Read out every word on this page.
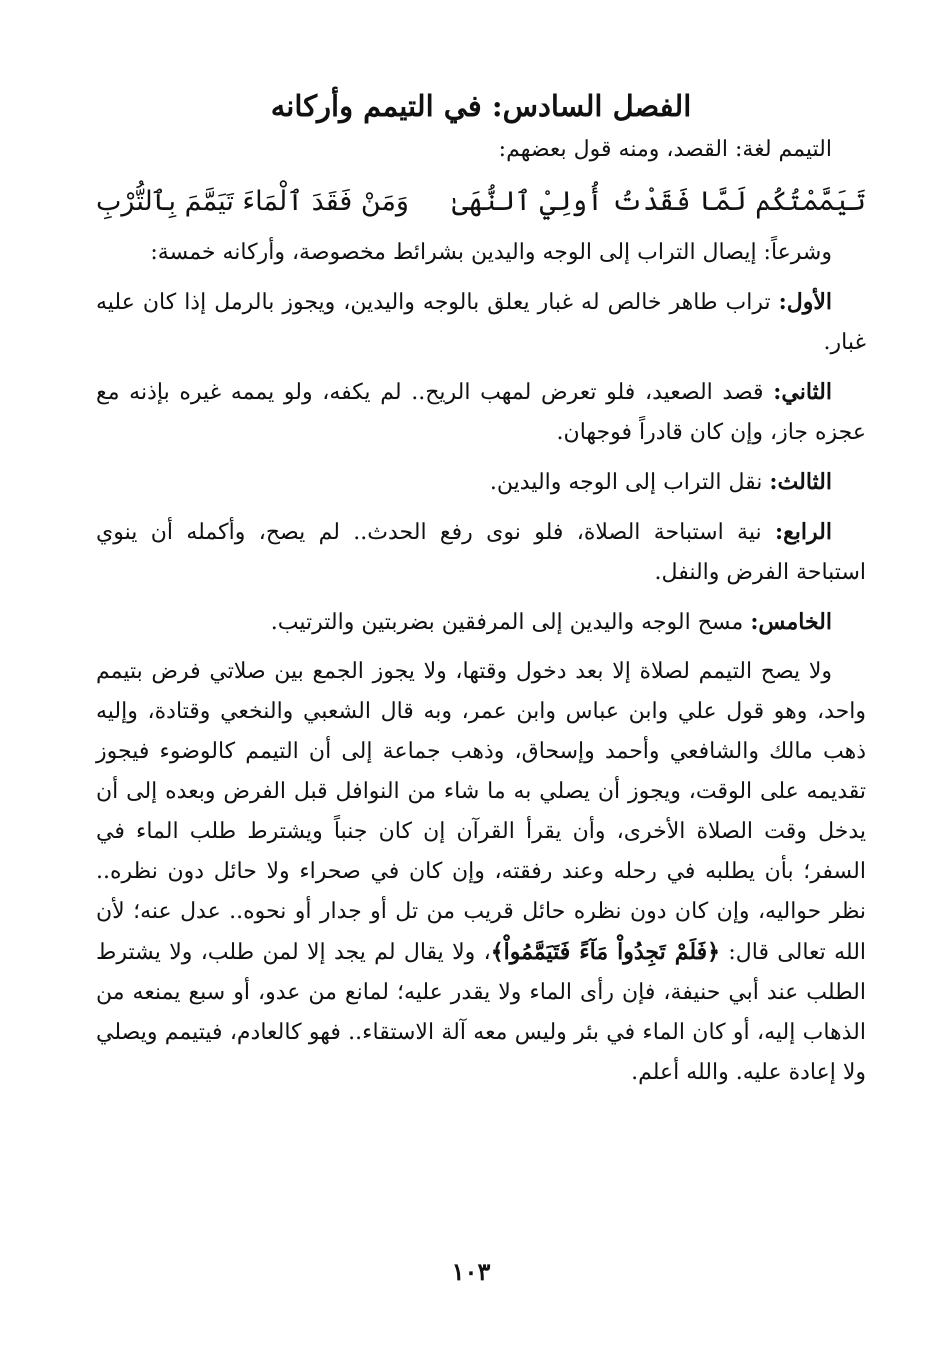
الفصل السادس: في التيمم وأركانه

التيمم لغة: القصد، ومنه قول بعضهم:

تَيَمَّمْتُكُم لَمَّا فَقَدْتُ أُولِيْ ٱلنُّهَىٰ
وَمَنْ فَقَدَ ٱلْمَاءَ تَيَمَّمَ بِٱلتُّرْبِ

وشرعاً: إيصال التراب إلى الوجه واليدين بشرائط مخصوصة، وأركانه خمسة:

الأول: تراب طاهر خالص له غبار يعلق بالوجه واليدين، ويجوز بالرمل إذا كان عليه غبار.

الثاني: قصد الصعيد، فلو تعرض لمهب الريح.. لم يكفه، ولو يممه غيره بإذنه مع عجزه جاز، وإن كان قادراً فوجهان.

الثالث: نقل التراب إلى الوجه واليدين.

الرابع: نية استباحة الصلاة، فلو نوى رفع الحدث.. لم يصح، وأكمله أن ينوي استباحة الفرض والنفل.

الخامس: مسح الوجه واليدين إلى المرفقين بضربتين والترتيب.

ولا يصح التيمم لصلاة إلا بعد دخول وقتها، ولا يجوز الجمع بين صلاتي فرض بتيمم واحد، وهو قول علي وابن عباس وابن عمر، وبه قال الشعبي والنخعي وقتادة، وإليه ذهب مالك والشافعي وأحمد وإسحاق، وذهب جماعة إلى أن التيمم كالوضوء فيجوز تقديمه على الوقت، ويجوز أن يصلي به ما شاء من النوافل قبل الفرض وبعده إلى أن يدخل وقت الصلاة الأخرى، وأن يقرأ القرآن إن كان جنباً ويشترط طلب الماء في السفر؛ بأن يطلبه في رحله وعند رفقته، وإن كان في صحراء ولا حائل دون نظره.. نظر حواليه، وإن كان دون نظره حائل قريب من تل أو جدار أو نحوه.. عدل عنه؛ لأن الله تعالى قال: ﴿فَلَمْ تَجِدُواْ مَآءً فَتَيَمَّمُواْ﴾، ولا يقال لم يجد إلا لمن طلب، ولا يشترط الطلب عند أبي حنيفة، فإن رأى الماء ولا يقدر عليه؛ لمانع من عدو، أو سبع يمنعه من الذهاب إليه، أو كان الماء في بئر وليس معه آلة الاستقاء.. فهو كالعادم، فيتيمم ويصلي ولا إعادة عليه. والله أعلم.

١٠٣
